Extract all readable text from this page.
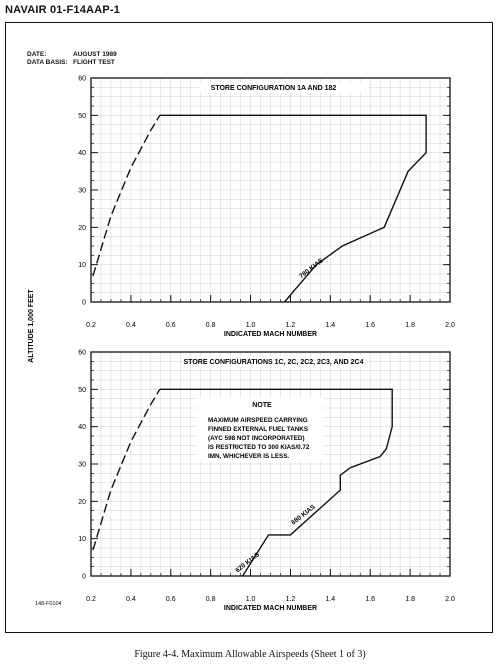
NAVAIR 01-F14AAP-1
DATE:	AUGUST 1989
DATA BASIS: FLIGHT TEST
ALTITUDE 1,000 FEET	0.2	0.4	0.6	0.8	1.0	1.2	1.4	1.6	1.8	2.0
0
10
20
30
40
50
60
STORE CONFIGURATION 1A AND 182
INDICATED MACH NUMBER
780 KIAS
0.2	0.4	0.6	0.8	1.0	1.2	1.4	1.6	1.8	2.0
0
10
20
30
40
50
60
STORE CONFIGURATIONS 1C, 2C, 2C2, 2C3, AND 2C4
INDICATED MACH NUMBER
620 KIAS
680 KIAS
NOTE
MAXIMUM AIRSPEED CARRYING
FINNED EXTERNAL FUEL TANKS
(AYC 598 NOT INCORPORATED)
IS RESTRICTED TO 300 KIAS/0.72
IMN, WHICHEVER IS LESS.
148-F0104
Figure 4-4. Maximum Allowable Airspeeds (Sheet 1 of 3)
